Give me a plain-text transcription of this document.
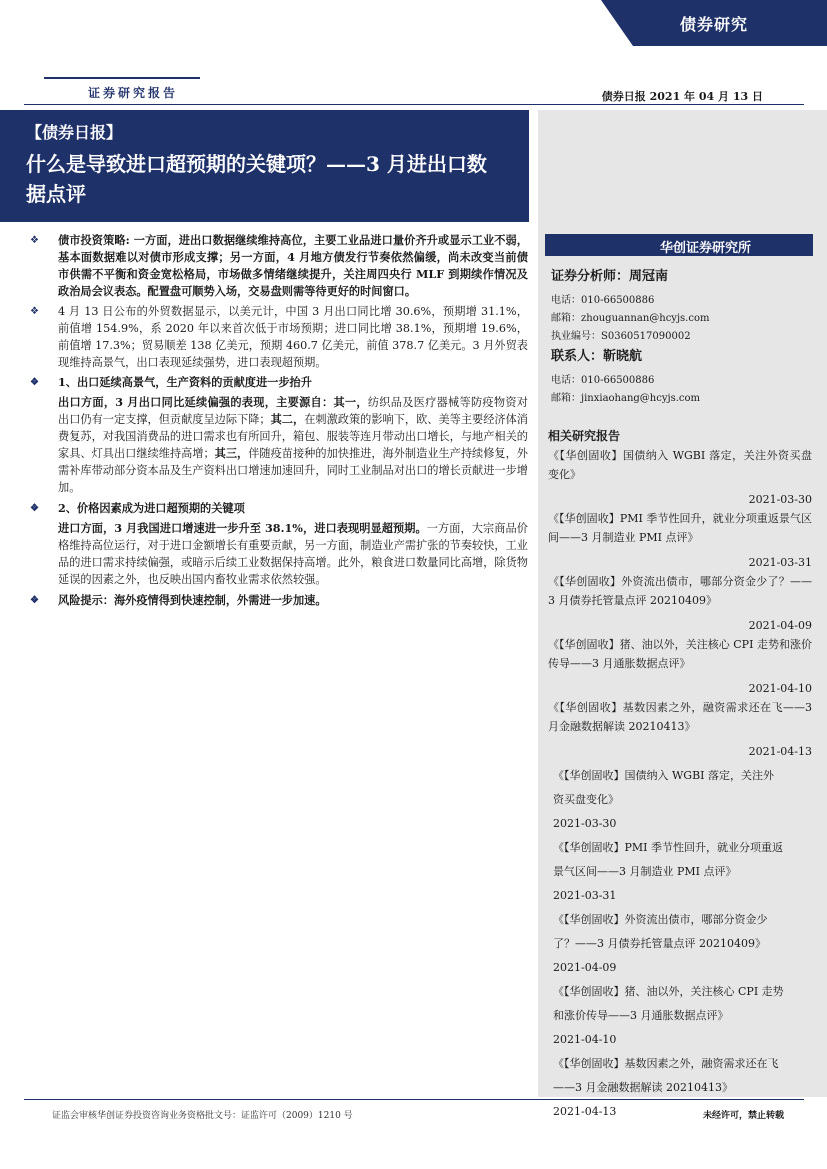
债券研究
证券研究报告	债券日报 2021 年 04 月 13 日
【债券日报】
什么是导致进口超预期的关键项？——3 月进出口数据点评
❖ 债市投资策略: 一方面，进出口数据继续维持高位，主要工业品进口量价齐升或显示工业不弱，基本面数据难以对债市形成支撑；另一方面，4 月地方债发行节奏依然偏缓，尚未改变当前债市供需不平衡和资金宽松格局，市场做多情绪继续提升，关注周四央行 MLF 到期续作情况及政治局会议表态。配置盘可顺势入场，交易盘则需等待更好的时间窗口。
❖ 4 月 13 日公布的外贸数据显示，以美元计，中国 3 月出口同比增 30.6%，预期增 31.1%，前值增 154.9%，系 2020 年以来首次低于市场预期；进口同比增 38.1%，预期增 19.6%，前值增 17.3%；贸易顺差 138 亿美元，预期 460.7 亿美元，前值 378.7 亿美元。3 月外贸表现维持高景气，出口表现延续强势，进口表现超预期。
❖ 1、出口延续高景气，生产资料的贡献度进一步抬升
出口方面，3 月出口同比延续偏强的表现，主要源自：其一，纺织品及医疗器械等防疫物资对出口仍有一定支撑，但贡献度呈边际下降；其二，在刺激政策的影响下，欧、美等主要经济体消费复苏，对我国消费品的进口需求也有所回升，箱包、服装等连月带动出口增长，与地产相关的家具、灯具出口继续维持高增；其三，伴随疫苗接种的加快推进，海外制造业生产持续修复，外需补库带动部分资本品及生产资料出口增速加速回升，同时工业制品对出口的增长贡献进一步增加。
❖ 2、价格因素成为进口超预期的关键项
进口方面，3 月我国进口增速进一步升至 38.1%，进口表现明显超预期。一方面，大宗商品价格维持高位运行，对于进口金额增长有重要贡献，另一方面，制造业产需扩张的节奏较快，工业品的进口需求持续偏强，或暗示后续工业数据保持高增。此外，粮食进口数量同比高增，除货物延误的因素之外，也反映出国内畜牧业需求依然较强。
❖ 风险提示：海外疫情得到快速控制，外需进一步加速。
华创证券研究所
证券分析师：周冠南
电话：010-66500886
邮箱：zhouguannan@hcyjs.com
执业编号：S0360517090002
联系人：靳晓航
电话：010-66500886
邮箱：jinxiaohang@hcyjs.com
相关研究报告
《【华创固收】国债纳入 WGBI 落定，关注外资买盘变化》
2021-03-30
《【华创固收】PMI 季节性回升，就业分项重返景气区间——3 月制造业 PMI 点评》
2021-03-31
《【华创固收】外资流出债市，哪部分资金少了？——3 月债券托管量点评 20210409》
2021-04-09
《【华创固收】猪、油以外，关注核心 CPI 走势和涨价传导——3 月通胀数据点评》
2021-04-10
《【华创固收】基数因素之外，融资需求还在飞——3 月金融数据解读 20210413》
2021-04-13
《【华创固收】国债纳入 WGBI 落定，关注外
资买盘变化》
2021-03-30
《【华创固收】PMI 季节性回升，就业分项重返
景气区间——3 月制造业 PMI 点评》
2021-03-31
《【华创固收】外资流出债市，哪部分资金少
了？——3 月债券托管量点评 20210409》
2021-04-09
《【华创固收】猪、油以外，关注核心 CPI 走势
和涨价传导——3 月通胀数据点评》
2021-04-10
《【华创固收】基数因素之外，融资需求还在飞
——3 月金融数据解读 20210413》
2021-04-13
证监会审核华创证券投资咨询业务资格批文号：证监许可（2009）1210 号	未经许可，禁止转载
